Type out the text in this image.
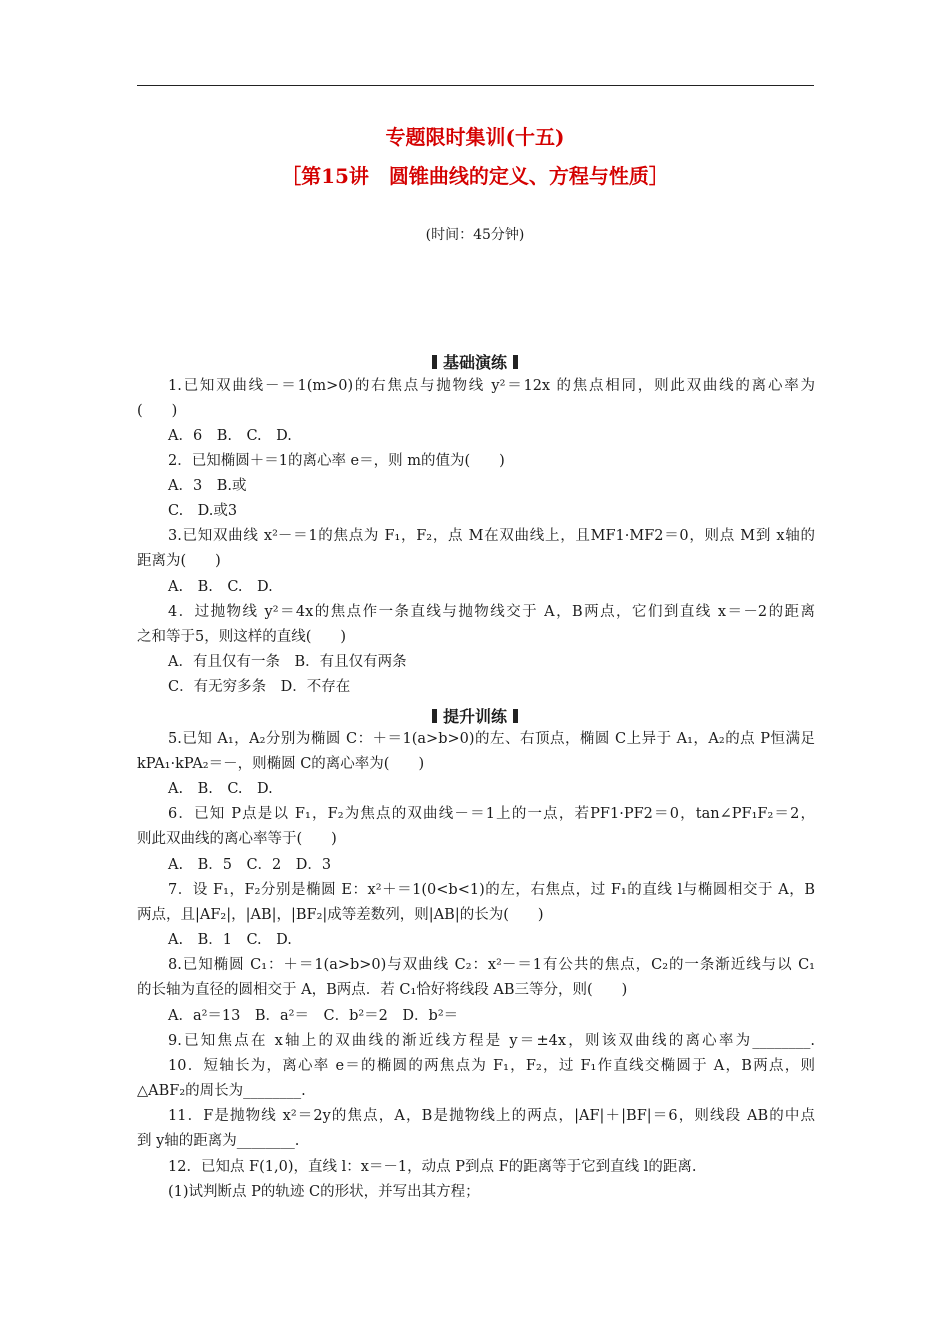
专题限时集训(十五)
［第15讲　圆锥曲线的定义、方程与性质］
(时间：45分钟)
基础演练
1.已知双曲线－＝1(m>0)的右焦点与抛物线 y²＝12x 的焦点相同，则此双曲线的离心率为
(　　)
A．6　B.　C.　D.
2．已知椭圆＋＝1的离心率 e＝，则 m的值为(　　)
A．3　B.或
C.　D.或3
3.已知双曲线 x²－＝1的焦点为 F₁，F₂，点 M在双曲线上，且MF1·MF2＝0，则点 M到 x轴的
距离为(　　)
A.　B.　C.　D.
4．过抛物线 y²＝4x的焦点作一条直线与抛物线交于 A，B两点，它们到直线 x＝－2的距离
之和等于5，则这样的直线(　　)
A．有且仅有一条　B．有且仅有两条
C．有无穷多条　D．不存在
提升训练
5.已知 A₁，A₂分别为椭圆 C：＋＝1(a>b>0)的左、右顶点，椭圆 C上异于 A₁，A₂的点 P恒满足
kPA₁·kPA₂＝－，则椭圆 C的离心率为(　　)
A.　B.　C.　D.
6．已知 P点是以 F₁，F₂为焦点的双曲线－＝1上的一点，若PF1·PF2＝0，tan∠PF₁F₂＝2，
则此双曲线的离心率等于(　　)
A.　B．5　C．2　D．3
7．设 F₁，F₂分别是椭圆 E：x²＋＝1(0<b<1)的左，右焦点，过 F₁的直线 l与椭圆相交于 A，B
两点，且|AF₂|，|AB|，|BF₂|成等差数列，则|AB|的长为(　　)
A.　B．1　C.　D.
8.已知椭圆 C₁：＋＝1(a>b>0)与双曲线 C₂：x²－＝1有公共的焦点，C₂的一条渐近线与以 C₁
的长轴为直径的圆相交于 A，B两点．若 C₁恰好将线段 AB三等分，则(　　)
A．a²＝13　B．a²＝　C．b²＝2　D．b²＝
9.已知焦点在 x轴上的双曲线的渐近线方程是 y＝±4x，则该双曲线的离心率为________.
10．短轴长为，离心率 e＝的椭圆的两焦点为 F₁，F₂，过 F₁作直线交椭圆于 A，B两点，则
△ABF₂的周长为________.
11．F是抛物线 x²＝2y的焦点，A，B是抛物线上的两点，|AF|＋|BF|＝6，则线段 AB的中点
到 y轴的距离为________.
12．已知点 F(1,0)，直线 l：x＝－1，动点 P到点 F的距离等于它到直线 l的距离.
(1)试判断点 P的轨迹 C的形状，并写出其方程；
